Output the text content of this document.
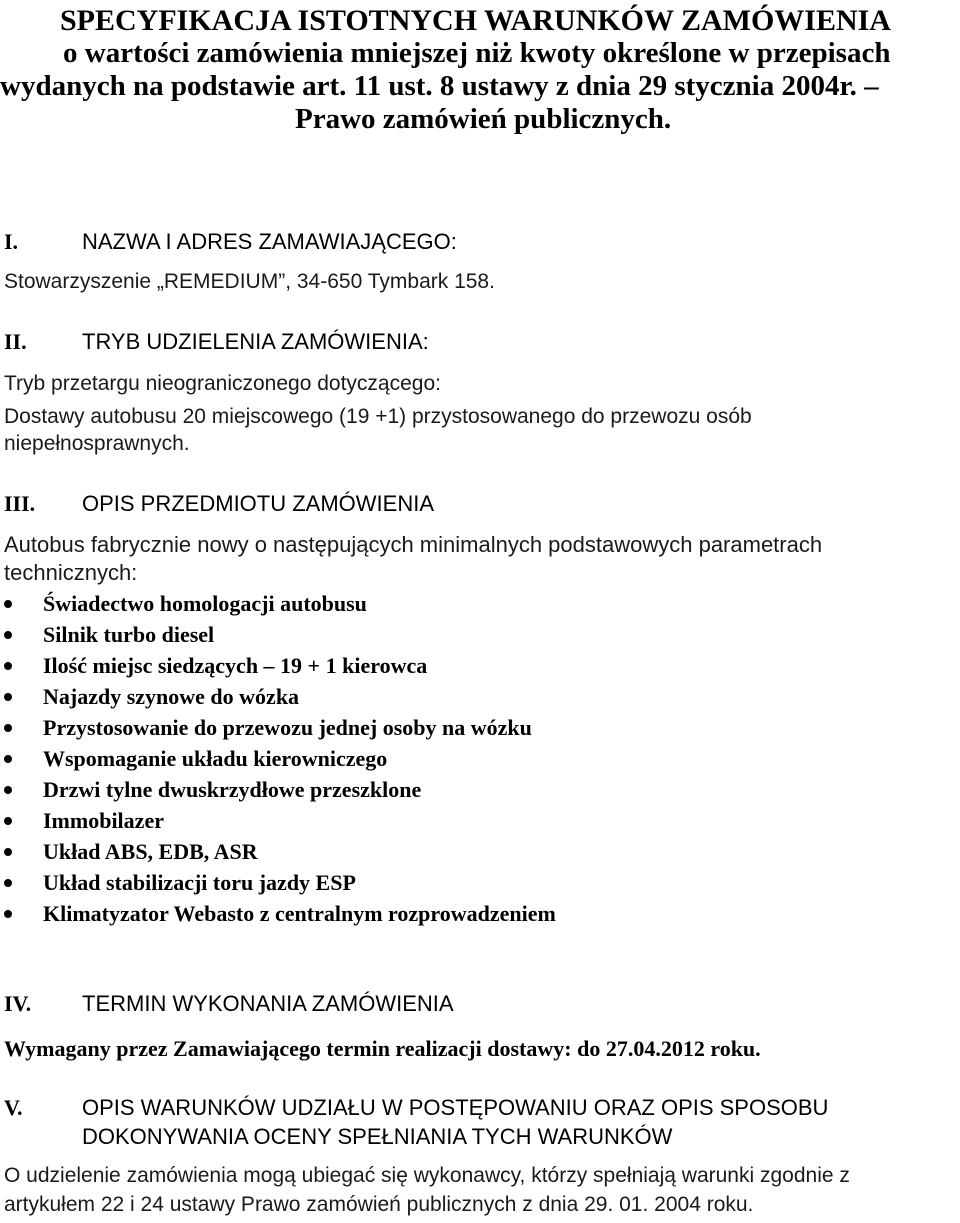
SPECYFIKACJA ISTOTNYCH WARUNKÓW ZAMÓWIENIA
o wartości zamówienia mniejszej niż kwoty określone w przepisach
wydanych na podstawie art. 11 ust. 8 ustawy z dnia 29 stycznia 2004r. –
Prawo zamówień publicznych.
I.	NAZWA I ADRES ZAMAWIAJĄCEGO:
Stowarzyszenie „REMEDIUM”, 34-650 Tymbark 158.
II.	TRYB UDZIELENIA ZAMÓWIENIA:
Tryb przetargu nieograniczonego dotyczącego:
Dostawy autobusu 20 miejscowego (19 +1) przystosowanego do przewozu osób
niepełnosprawnych.
III. OPIS PRZEDMIOTU ZAMÓWIENIA
Autobus fabrycznie nowy o następujących minimalnych podstawowych parametrach
technicznych:
Świadectwo homologacji autobusu
Silnik turbo diesel
Ilość miejsc siedzących – 19 + 1 kierowca
Najazdy szynowe do wózka
Przystosowanie do przewozu jednej osoby na wózku
Wspomaganie układu kierowniczego
Drzwi tylne dwuskrzydłowe przeszklone
Immobilazer
Układ ABS, EDB, ASR
Układ stabilizacji toru jazdy ESP
Klimatyzator Webasto z centralnym rozprowadzeniem
IV. TERMIN WYKONANIA ZAMÓWIENIA
Wymagany przez Zamawiającego termin realizacji dostawy: do 27.04.2012 roku.
V.	OPIS WARUNKÓW UDZIAŁU W POSTĘPOWANIU ORAZ OPIS SPOSOBU
DOKONYWANIA OCENY SPEŁNIANIA TYCH WARUNKÓW
O udzielenie zamówienia mogą ubiegać się wykonawcy, którzy spełniają warunki zgodnie z
artykułem 22 i 24 ustawy Prawo zamówień publicznych z dnia 29. 01. 2004 roku.
